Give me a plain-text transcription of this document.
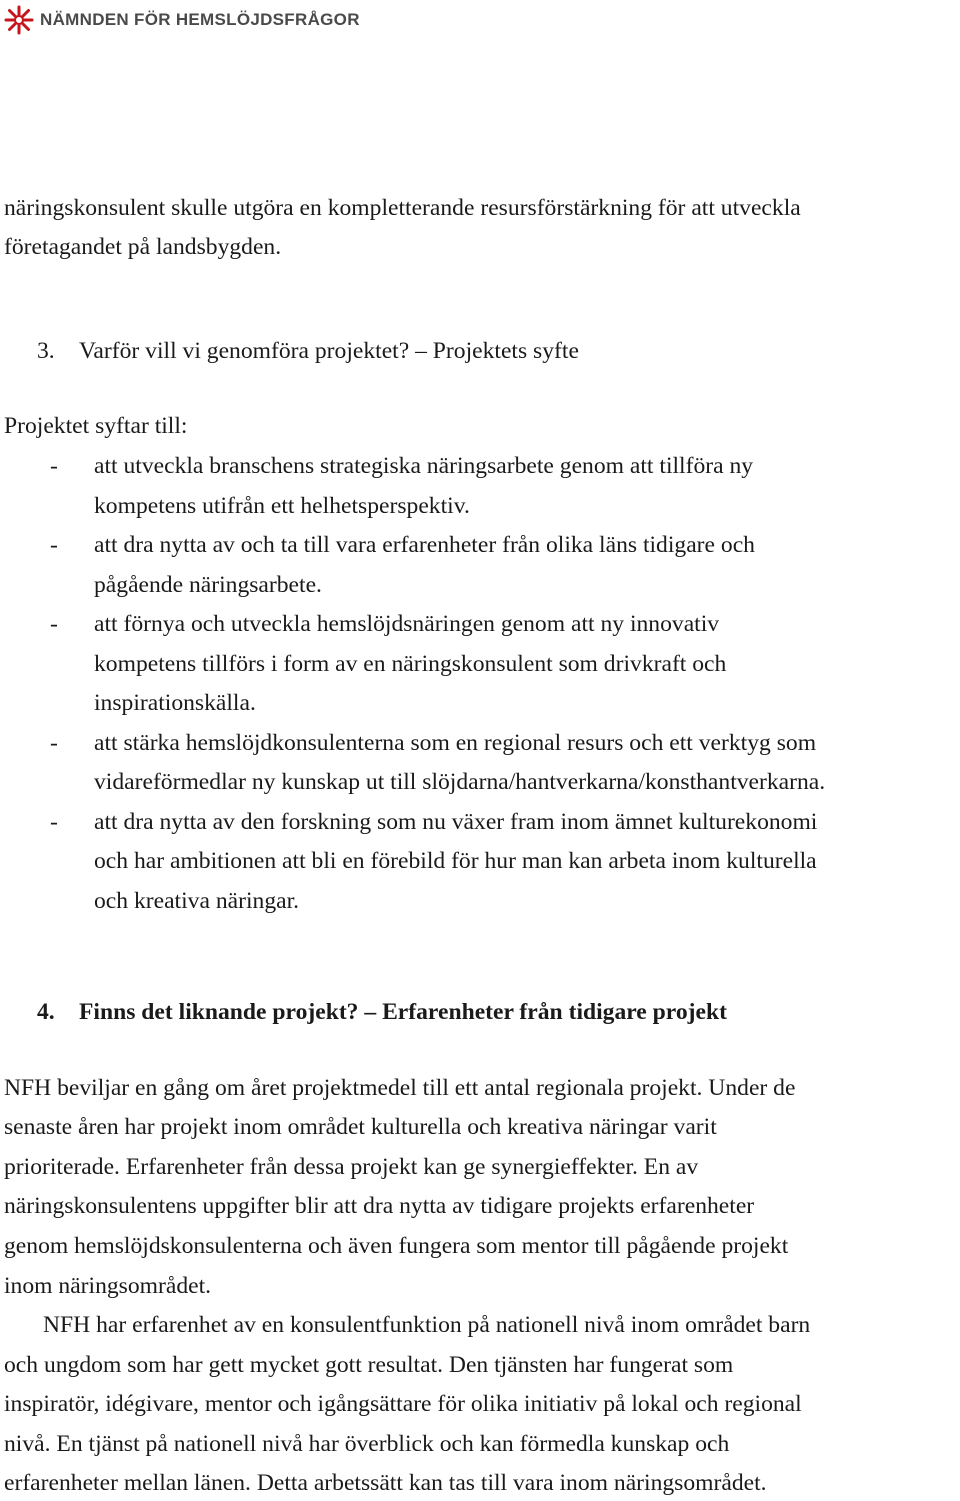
NÄMNDEN FÖR HEMSLÖJDSFRÅGOR
näringskonsulent skulle utgöra en kompletterande resursförstärkning för att utveckla
företagandet på landsbygden.
3. Varför vill vi genomföra projektet? – Projektets syfte
Projektet syftar till:
- att utveckla branschens strategiska näringsarbete genom att tillföra ny
kompetens utifrån ett helhetsperspektiv.
- att dra nytta av och ta till vara erfarenheter från olika läns tidigare och
pågående näringsarbete.
- att förnya och utveckla hemslöjdsnäringen genom att ny innovativ
kompetens tillförs i form av en näringskonsulent som drivkraft och
inspirationskälla.
- att stärka hemslöjdkonsulenterna som en regional resurs och ett verktyg som
vidareförmedlar ny kunskap ut till slöjdarna/hantverkarna/konsthantverkarna.
- att dra nytta av den forskning som nu växer fram inom ämnet kulturekonomi
och har ambitionen att bli en förebild för hur man kan arbeta inom kulturella
och kreativa näringar.
4. Finns det liknande projekt? – Erfarenheter från tidigare projekt
NFH beviljar en gång om året projektmedel till ett antal regionala projekt. Under de
senaste åren har projekt inom området kulturella och kreativa näringar varit
prioriterade. Erfarenheter från dessa projekt kan ge synergieffekter. En av
näringskonsulentens uppgifter blir att dra nytta av tidigare projekts erfarenheter
genom hemslöjdskonsulenterna och även fungera som mentor till pågående projekt
inom näringsområdet.
NFH har erfarenhet av en konsulentfunktion på nationell nivå inom området barn
och ungdom som har gett mycket gott resultat. Den tjänsten har fungerat som
inspiratör, idégivare, mentor och igångsättare för olika initiativ på lokal och regional
nivå. En tjänst på nationell nivå har överblick och kan förmedla kunskap och
erfarenheter mellan länen. Detta arbetssätt kan tas till vara inom näringsområdet.
